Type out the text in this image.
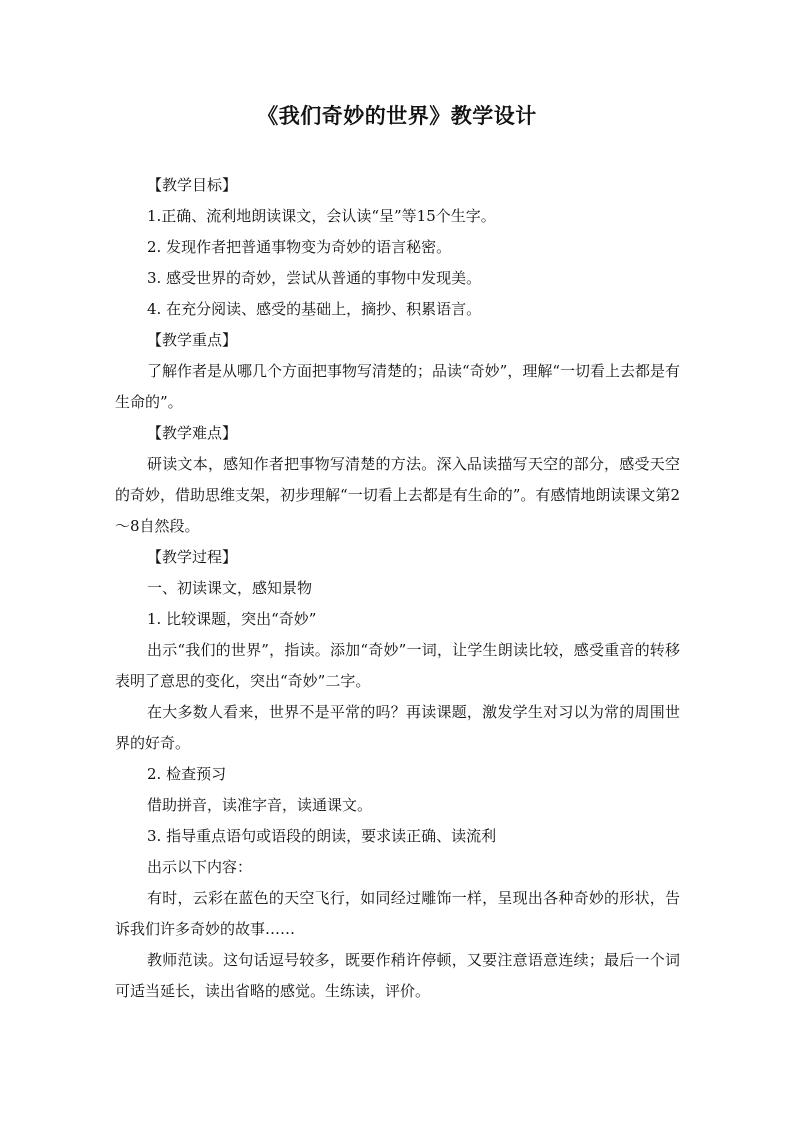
《我们奇妙的世界》教学设计

【教学目标】

1.正确、流利地朗读课文，会认读“呈”等15个生字。

2. 发现作者把普通事物变为奇妙的语言秘密。

3. 感受世界的奇妙，尝试从普通的事物中发现美。

4. 在充分阅读、感受的基础上，摘抄、积累语言。

【教学重点】

了解作者是从哪几个方面把事物写清楚的；品读“奇妙”，理解“一切看上去都是有生命的”。

【教学难点】

研读文本，感知作者把事物写清楚的方法。深入品读描写天空的部分，感受天空的奇妙，借助思维支架，初步理解“一切看上去都是有生命的”。有感情地朗读课文第2～8自然段。

【教学过程】

一、初读课文，感知景物

1. 比较课题，突出“奇妙”

出示“我们的世界”，指读。添加“奇妙”一词，让学生朗读比较，感受重音的转移表明了意思的变化，突出“奇妙”二字。

在大多数人看来，世界不是平常的吗？再读课题，激发学生对习以为常的周围世界的好奇。

2. 检查预习

借助拼音，读准字音，读通课文。

3. 指导重点语句或语段的朗读，要求读正确、读流利

出示以下内容：

有时，云彩在蓝色的天空飞行，如同经过雕饰一样，呈现出各种奇妙的形状，告诉我们许多奇妙的故事……

教师范读。这句话逗号较多，既要作稍许停顿，又要注意语意连续；最后一个词可适当延长，读出省略的感觉。生练读，评价。
